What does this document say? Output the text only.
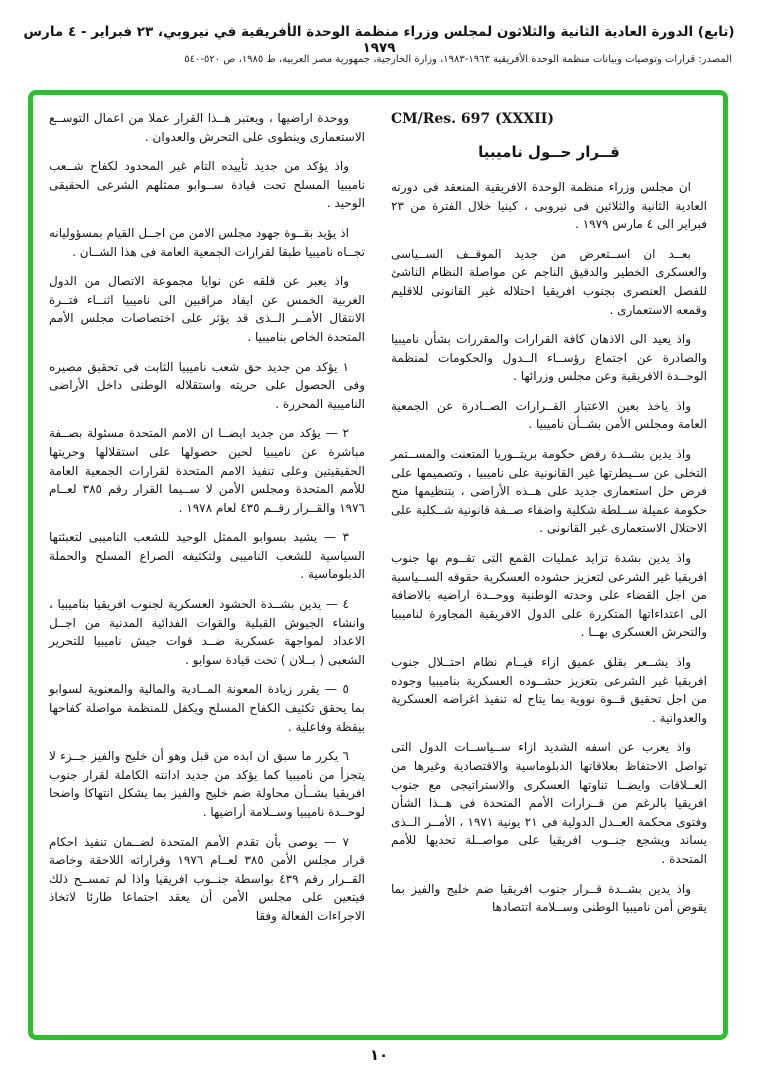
(تابع) الدورة العادية الثانية والثلاثون لمجلس وزراء منظمة الوحدة الأفريقية في نيروبي، ٢٣ فبراير - ٤ مارس ١٩٧٩
المصدر: قرارات وتوصيات وبيانات منظمة الوحدة الأفريقية ١٩٦٣-١٩٨٣، وزارة الخارجية، جمهورية مصر العربية، ط ١٩٨٥، ص ٥٢٠-٥٤٠
CM/Res. 697 (XXXII)
قــرار حــول ناميبيا

ان مجلس وزراء منظمة الوحدة الافريقية المنعقد فى دورته العادية الثانية والثلاثين فى نيروبى ، كينيا خلال الفترة من ٢٣ فبراير الى ٤ مارس ١٩٧٩ .

بعــد ان اســتعرض من جديد الموقــف الســياسى والعسكرى الخطير والدقيق الناجم عن مواصلة النظام الناشئ للفصل العنصرى بجنوب افريقيا احتلاله غير القانونى للاقليم وقمعه الاستعمارى .

واذ يعيد الى الاذهان كافة القرارات والمقررات بشأن ناميبيا والصادرة عن اجتماع رؤســاء الــدول والحكومات لمنظمة الوحــدة الافريقية وعن مجلس وزرائها .

واذ ياخذ بعين الاعتبار القــرارات الصــادرة عن الجمعية العامة ومجلس الأمن بشــأن ناميبيا .

واذ يدين بشــدة رفض حكومة بريتــوريا المتعنت والمســتمر التخلى عن ســيطرتها غير القانونية على ناميبيا ، وتصميمها على فرض حل استعمارى جديد على هــذه الأراضى ، بتنظيمها منح حكومة عميلة ســلطة شكلية واضفاء صــفة قانونية شــكلية على الاحتلال الاستعمارى غير القانونى .

واذ يدين بشدة تزايد عمليات القمع التى تقــوم بها جنوب افريقيا غير الشرعى لتعزيز حشوده العسكرية حقوقه الســياسية من اجل القضاء على وحدته الوطنية ووحــدة اراضيه بالاضافة الى اعتداءاتها المتكررة على الدول الافريقية المجاورة لناميبيا والتحرش العسكرى بهــا .

واذ يشــعر بقلق عميق ازاء قيــام نظام احتــلال جنوب افريقيا غير الشرعى بتعزيز حشــوده العسكرية بناميبيا وجوده من اجل تحقيق قــوة نووية بما يتاح له تنفيذ اغراضه العسكرية والعدوانية .

واذ يعرب عن اسفه الشديد ازاء ســياســات الدول التى تواصل الاحتفاظ بعلاقاتها الدبلوماسية والاقتصادية وغيرها من العــلاقات وايضــا تناوتها العسكرى والاستراتيجى مع جنوب افريقيا بالرغم من قــرارات الأمم المتحدة فى هــذا الشأن وفتوى محكمة العــدل الدولية فى ٢١ يونية ١٩٧١ ، الأمــر الــذى يساند ويشجع جنــوب افريقيا على مواصــلة تحديها للأمم المتحدة .

واذ يدين بشــدة قــرار جنوب افريقيا ضم خليج والفيز بما يقوض أمن ناميبيا الوطنى وســلامة اتتصادها

ووحدة اراضيها ، ويعتبر هــذا القرار عملا من اعمال التوســع الاستعمارى وينطوى على التحرش والعدوان .

واذ يؤكد من جديد تأييده التام غير المحدود لكفاح شــعب ناميبيا المسلح تحت قيادة ســوابو ممثلهم الشرعى الحقيقى الوحيد .

اذ يؤيد بقــوة جهود مجلس الامن من اجــل القيام بمسؤوليانه تجــاه ناميبيا طبقا لقرارات الجمعية العامة فى هذا الشــان .

واذ يعبر عن قلقه عن نوايا مجموعة الاتصال من الدول الغربية الخمس عن ايفاد مراقبين الى ناميبيا اثنــاء فتــرة الانتقال الأمــر الــذى قد يؤثر على اختصاصات مجلس الأمم المتحدة الخاص بناميبيا .

١ يؤكد من جديد حق شعب ناميبيا الثابت فى تحقيق مصيره وفى الحصول على حريته واستقلاله الوطنى داخل الأراضى الناميبية المحررة .

٢ — يؤكد من جديد ايضــا ان الامم المتحدة مسئولة بصــفة مباشرة عن ناميبيا لحين حصولها على استقلالها وحريتها الحقيقيتين وعلى تنفيذ الامم المتحدة لقرارات الجمعية العامة للأمم المتحدة ومجلس الأمن لا ســيما القرار رقم ٣٨٥ لعــام ١٩٧٦ والقــرار رقــم ٤٣٥ لعام ١٩٧٨ .

٣ — يشيد بسوابو الممثل الوحيد للشعب الناميبى لتعبئتها السياسية للشعب الناميبى ولتكثيفه الصراع المسلح والحملة الدبلوماسية .

٤ — يدين بشــدة الحشود العسكرية لجنوب افريقيا بناميبيا ، وانشاء الجيوش القبلية والقوات الفدائية المدنية من اجــل الاعداد لمواجهة عسكرية ضــد قوات جيش ناميبيا للتحرير الشعبى ( بــلان ) تحت قيادة سوابو .

٥ — يقرر زيادة المعونة المــادية والمالية والمعنوية لسوابو بما يحقق تكثيف الكفاح المسلح ويكفل للمنظمة مواصلة كفاحها بيقظة وفاعلية .

٦ يكرر ما سبق ان ابده من قبل وهو أن خليج والفيز جــزء لا يتجزأ من ناميبيا كما يؤكد من جديد ادانته الكاملة لقرار جنوب افريقيا بشــأن محاولة ضم خليج والفيز بما يشكل انتهاكا واضحا لوحــدة ناميبيا وســلامة أراضيها .

٧ — يوصى بأن تقدم الأمم المتحدة لضــمان تنفيذ احكام قرار مجلس الأمن ٣٨٥ لعــام ١٩٧٦ وقراراته اللاحقة وخاصة القــرار رقم ٤٣٩ بواسطة جنــوب افريقيا واذا لم تمســح ذلك فيتعين على مجلس الأمن أن يعقد اجتماعا طارئا لاتخاذ الاجراءات الفعالة وفقا

١٠
